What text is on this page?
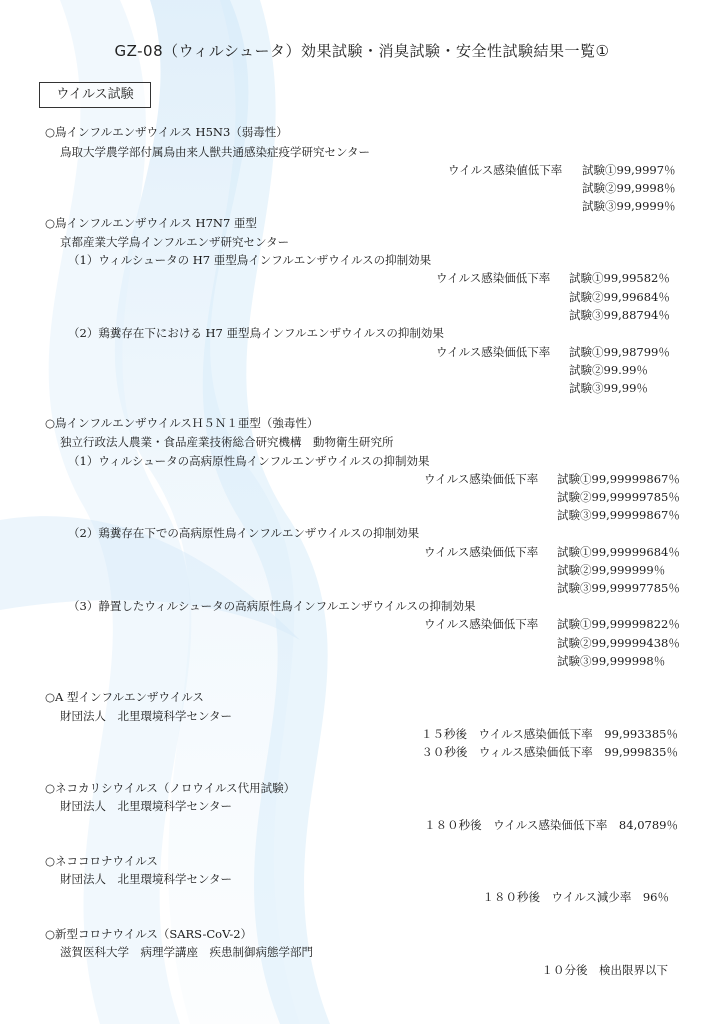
GZ-08（ウィルシュータ）効果試験・消臭試験・安全性試験結果一覧①
ウイルス試験
○鳥インフルエンザウイルス H5N3（弱毒性）
鳥取大学農学部付属鳥由来人獣共通感染症疫学研究センター
ウイルス感染値低下率 試験①99,9997％
試験②99,9998％
試験③99,9999％
○鳥インフルエンザウイルス H7N7 亜型
京都産業大学鳥インフルエンザ研究センター
（1）ウィルシュータの H7 亜型鳥インフルエンザウイルスの抑制効果
ウイルス感染価低下率 試験①99,99582％
試験②99,99684％
試験③99,88794％
（2）鶏糞存在下における H7 亜型鳥インフルエンザウイルスの抑制効果
ウイルス感染価低下率 試験①99,98799％
試験②99.99％
試験③99,99％
○鳥インフルエンザウイルスＨ５Ｎ１亜型（強毒性）
独立行政法人農業・食品産業技術総合研究機構　動物衛生研究所
（1）ウィルシュータの高病原性鳥インフルエンザウイルスの抑制効果
ウイルス感染価低下率 試験①99,99999867％
試験②99,99999785％
試験③99,99999867％
（2）鶏糞存在下での高病原性鳥インフルエンザウイルスの抑制効果
ウイルス感染価低下率 試験①99,99999684％
試験②99,999999％
試験③99,99997785％
（3）静置したウィルシュータの高病原性鳥インフルエンザウイルスの抑制効果
ウイルス感染価低下率 試験①99,99999822％
試験②99,99999438％
試験③99,999998％
○A 型インフルエンザウイルス
財団法人　北里環境科学センター
１５秒後　ウイルス感染価低下率　99,993385％
３０秒後　ウィルス感染価低下率　99,999835％
○ネコカリシウイルス（ノロウイルス代用試験）
財団法人　北里環境科学センター
１８０秒後　ウイルス感染価低下率　84,0789％
○ネココロナウイルス
財団法人　北里環境科学センター
１８０秒後　ウイルス減少率　96％
○新型コロナウイルス（SARS-CoV-2）
滋賀医科大学　病理学講座　疾患制御病態学部門
１０分後　検出限界以下
